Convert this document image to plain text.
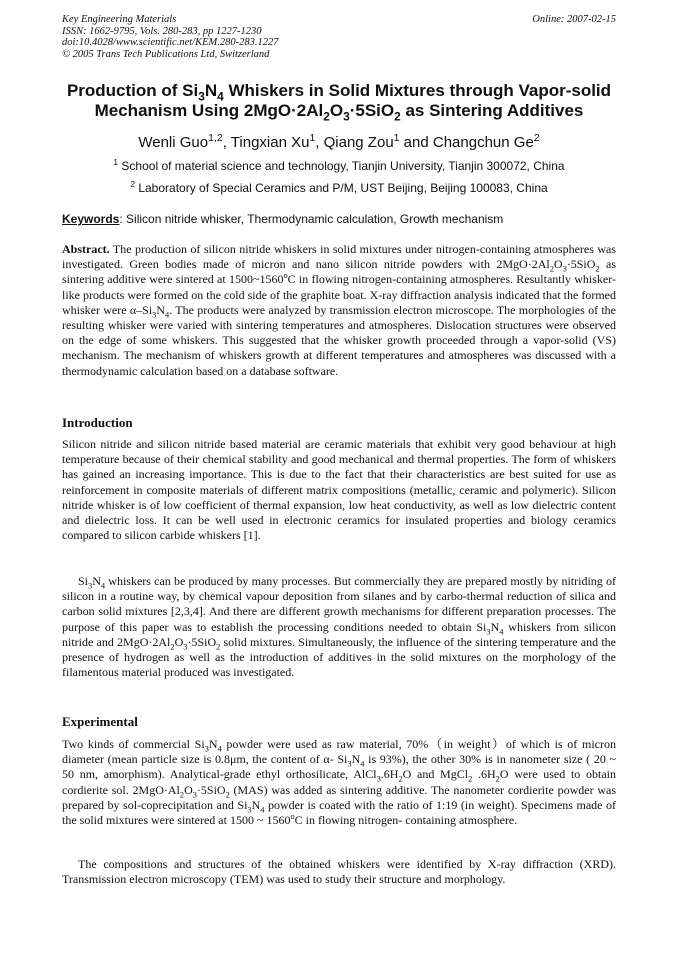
Key Engineering Materials
ISSN: 1662-9795, Vols. 280-283, pp 1227-1230
doi:10.4028/www.scientific.net/KEM.280-283.1227
© 2005 Trans Tech Publications Ltd, Switzerland
Online: 2007-02-15
Production of $Si_3N_4$ Whiskers in Solid Mixtures through Vapor-solid
Mechanism Using $2MgO\cdot 2Al_2O_3\cdot 5SiO_2$ as Sintering Additives
Wenli Guo$^{1,2}$, Tingxian Xu$^1$, Qiang Zou$^1$ and Changchun Ge$^2$
$^1$ School of material science and technology, Tianjin University, Tianjin 300072, China
$^2$ Laboratory of Special Ceramics and P/M, UST Beijing, Beijing 100083, China
Keywords: Silicon nitride whisker, Thermodynamic calculation, Growth mechanism
Abstract. The production of silicon nitride whiskers in solid mixtures under nitrogen-containing atmospheres was investigated. Green bodies made of micron and nano silicon nitride powders with $2MgO\cdot 2Al_2O_3\cdot 5SiO_2$ as sintering additive were sintered at 1500~1560$^o$C in flowing nitrogen-containing atmospheres. Resultantly whisker-like products were formed on the cold side of the graphite boat. X-ray diffraction analysis indicated that the formed whisker were $\alpha-Si_3N_4$. The products were analyzed by transmission electron microscope. The morphologies of the resulting whisker were varied with sintering temperatures and atmospheres. Dislocation structures were observed on the edge of some whiskers. This suggested that the whisker growth proceeded through a vapor-solid (VS) mechanism. The mechanism of whiskers growth at different temperatures and atmospheres was discussed with a thermodynamic calculation based on a database software.
Introduction
Silicon nitride and silicon nitride based material are ceramic materials that exhibit very good behaviour at high temperature because of their chemical stability and good mechanical and thermal properties. The form of whiskers has gained an increasing importance. This is due to the fact that their characteristics are best suited for use as reinforcement in composite materials of different matrix compositions (metallic, ceramic and polymeric). Silicon nitride whisker is of low coefficient of thermal expansion, low heat conductivity, as well as low dielectric content and dielectric loss. It can be well used in electronic ceramics for insulated properties and biology ceramics compared to silicon carbide whiskers [1].
$Si_3N_4$ whiskers can be produced by many processes. But commercially they are prepared mostly by nitriding of silicon in a routine way, by chemical vapour deposition from silanes and by carbo-thermal reduction of silica and carbon solid mixtures [2,3,4]. And there are different growth mechanisms for different preparation processes. The purpose of this paper was to establish the processing conditions needed to obtain $Si_3N_4$ whiskers from silicon nitride and $2MgO\cdot 2Al_2O_3\cdot 5SiO_2$ solid mixtures. Simultaneously, the influence of the sintering temperature and the presence of hydrogen as well as the introduction of additives in the solid mixtures on the morphology of the filamentous material produced was investigated.
Experimental
Two kinds of commercial $Si_3N_4$ powder were used as raw material, 70%（in weight）of which is of micron diameter (mean particle size is 0.8μm, the content of α- $Si_3N_4$ is 93%), the other 30% is in nanometer size ( 20 ~ 50 nm, amorphism). Analytical-grade ethyl orthosilicate, $AlCl_3.6H_2O$ and MgCl$_2$ $.6H_2O$ were used to obtain cordierite sol. $2MgO\cdot Al_2O_3\cdot 5SiO_2$ (MAS) was added as sintering additive. The nanometer cordierite powder was prepared by sol-coprecipitation and $Si_3N_4$ powder is coated with the ratio of 1:19 (in weight). Specimens made of the solid mixtures were sintered at 1500 ~ 1560$^o$C in flowing nitrogen- containing atmosphere.
The compositions and structures of the obtained whiskers were identified by X-ray diffraction (XRD). Transmission electron microscopy (TEM) was used to study their structure and morphology.
